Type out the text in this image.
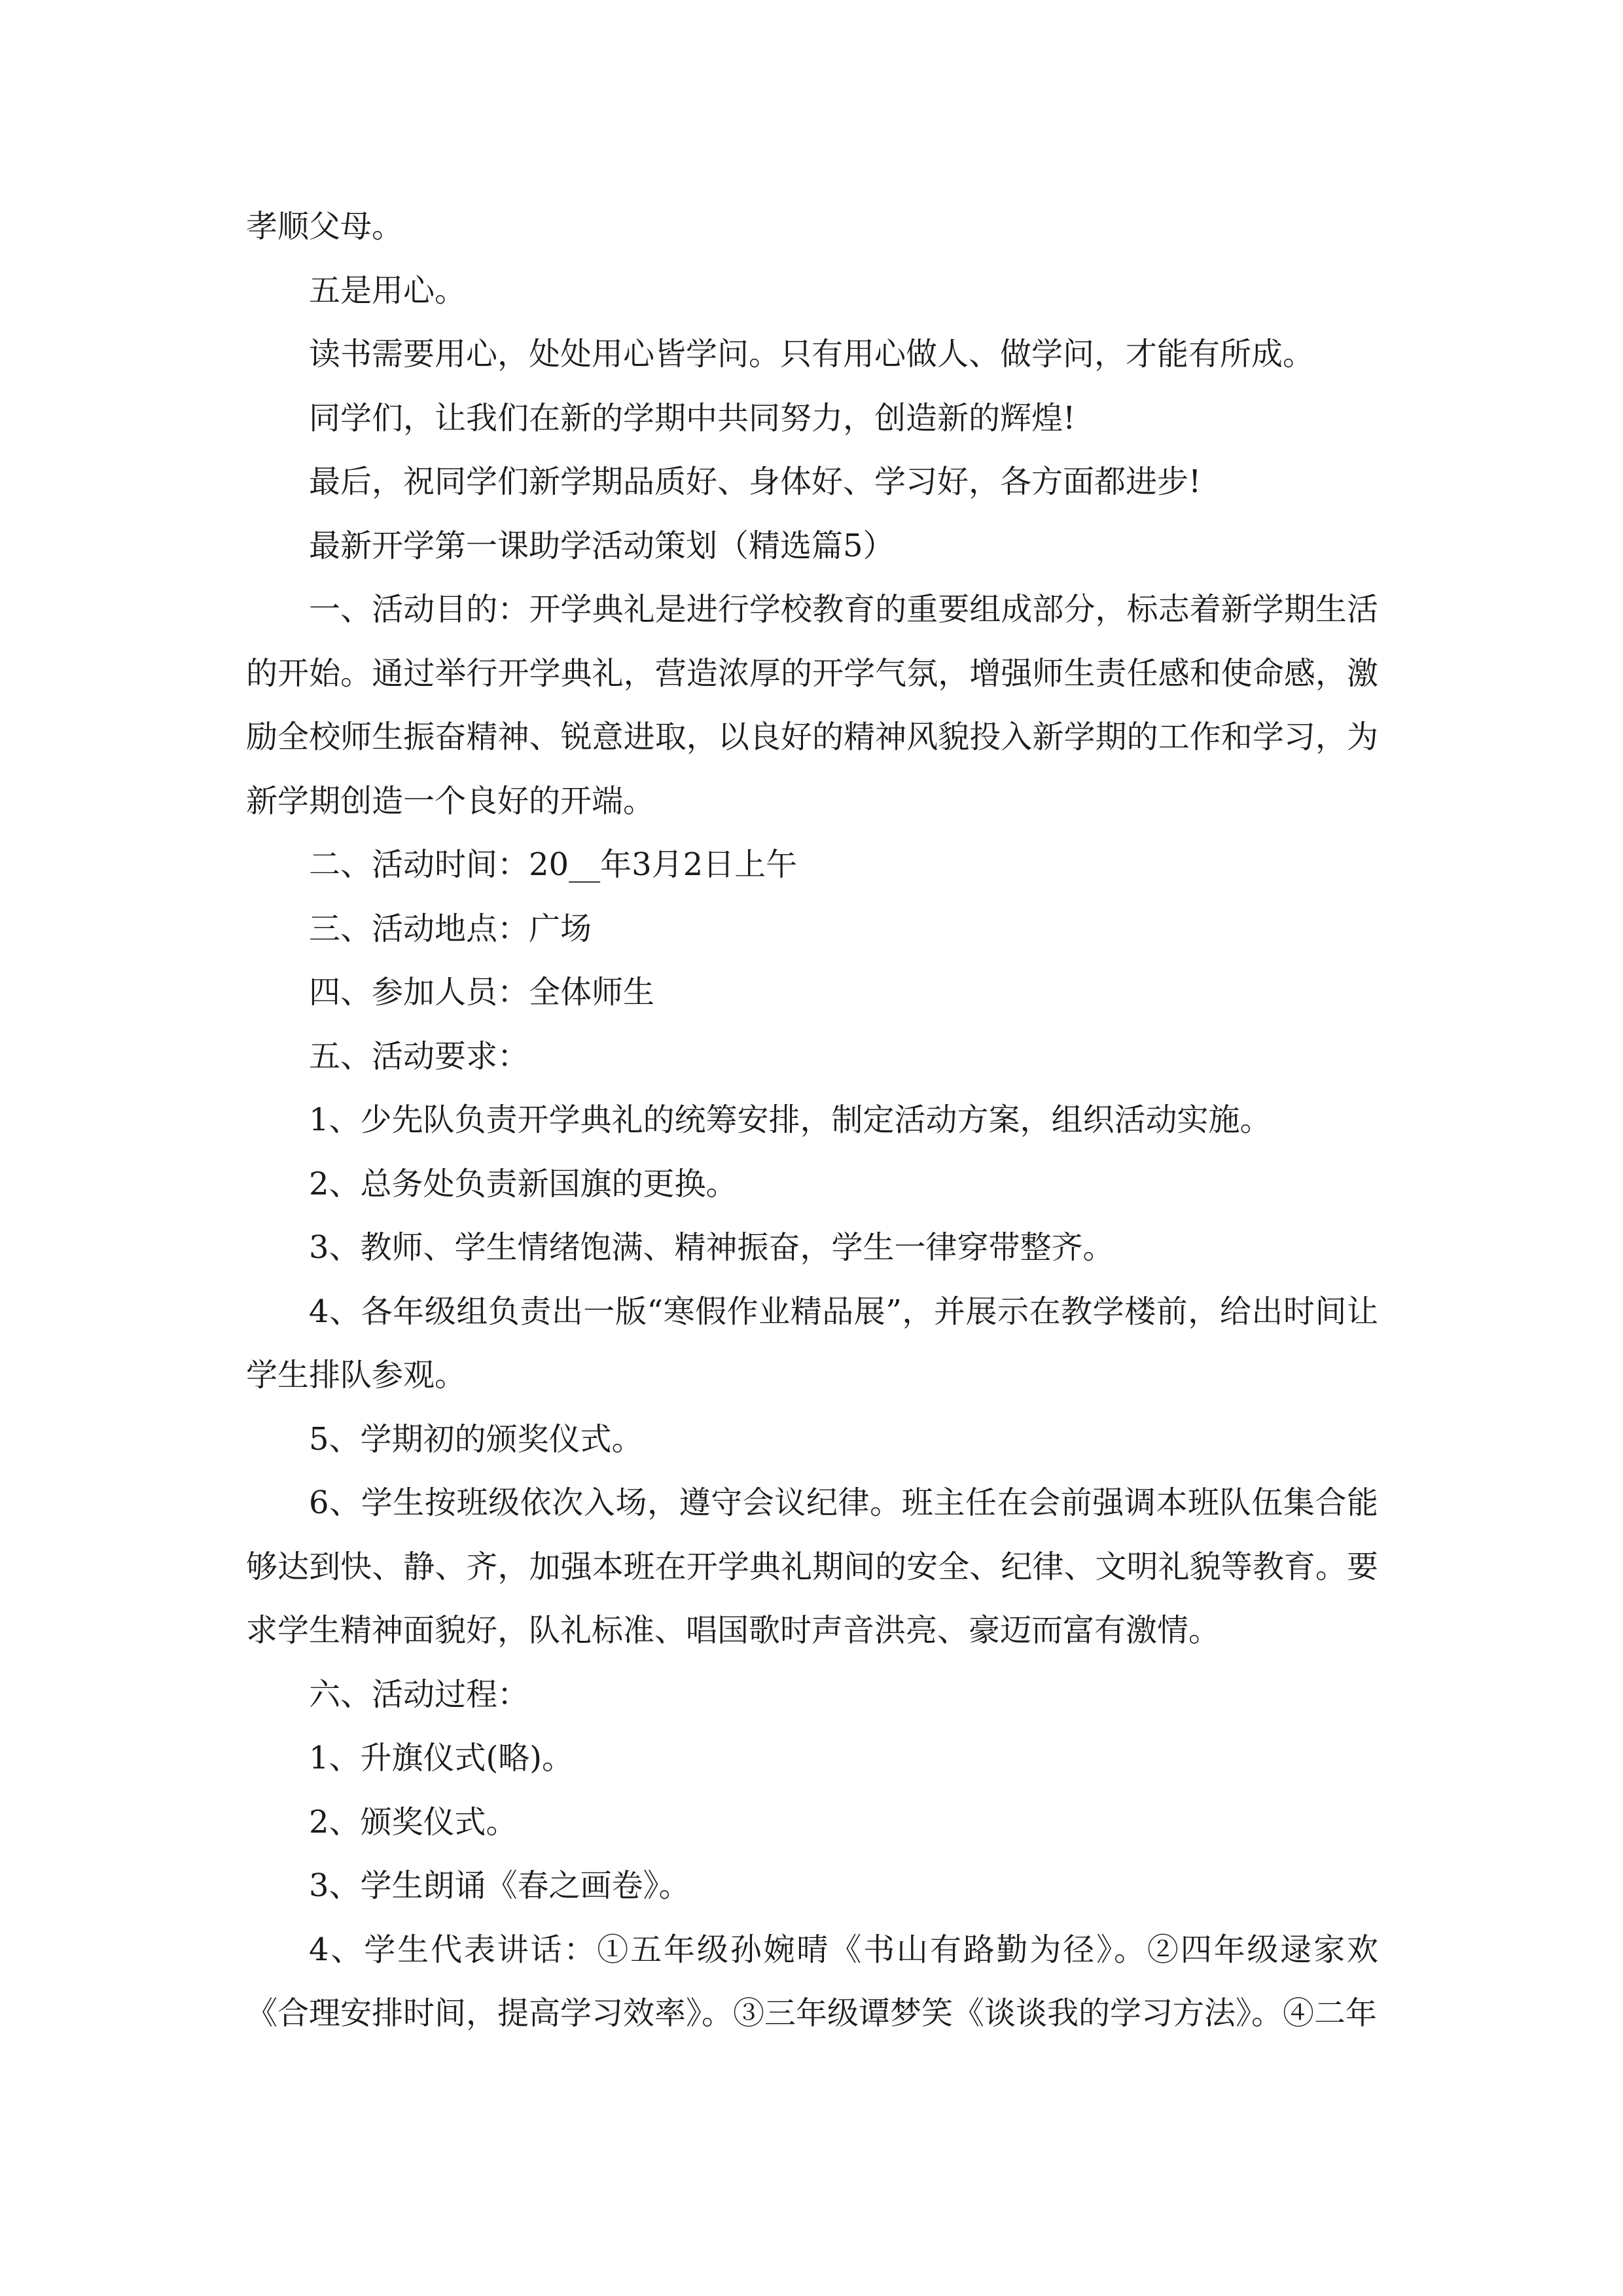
孝顺父母。

五是用心。

读书需要用心，处处用心皆学问。只有用心做人、做学问，才能有所成。

同学们，让我们在新的学期中共同努力，创造新的辉煌!

最后，祝同学们新学期品质好、身体好、学习好，各方面都进步!

最新开学第一课助学活动策划（精选篇5）

一、活动目的：开学典礼是进行学校教育的重要组成部分，标志着新学期生活的开始。通过举行开学典礼，营造浓厚的开学气氛，增强师生责任感和使命感，激励全校师生振奋精神、锐意进取，以良好的精神风貌投入新学期的工作和学习，为新学期创造一个良好的开端。

二、活动时间：20__年3月2日上午

三、活动地点：广场

四、参加人员：全体师生

五、活动要求：

1、少先队负责开学典礼的统筹安排，制定活动方案，组织活动实施。

2、总务处负责新国旗的更换。

3、教师、学生情绪饱满、精神振奋，学生一律穿带整齐。

4、各年级组负责出一版“寒假作业精品展”，并展示在教学楼前，给出时间让学生排队参观。

5、学期初的颁奖仪式。

6、学生按班级依次入场，遵守会议纪律。班主任在会前强调本班队伍集合能够达到快、静、齐，加强本班在开学典礼期间的安全、纪律、文明礼貌等教育。要求学生精神面貌好，队礼标准、唱国歌时声音洪亮、豪迈而富有激情。

六、活动过程：

1、升旗仪式(略)。

2、颁奖仪式。

3、学生朗诵《春之画卷》。

4、学生代表讲话：①五年级孙婉晴《书山有路勤为径》。②四年级逯家欢《合理安排时间，提高学习效率》。③三年级谭梦笑《谈谈我的学习方法》。④二年
